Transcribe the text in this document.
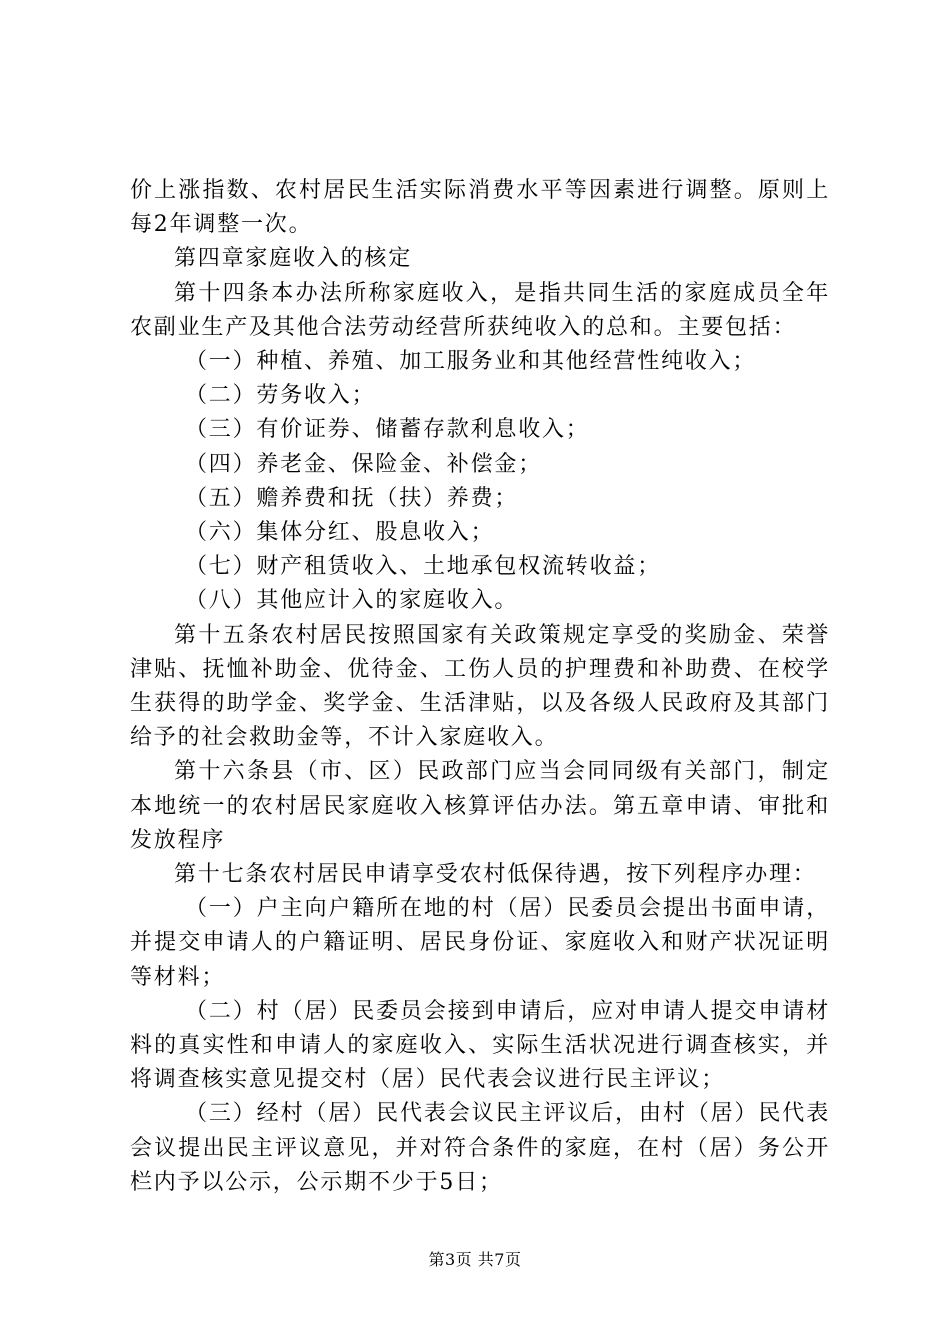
价上涨指数、农村居民生活实际消费水平等因素进行调整。原则上每2年调整一次。

第四章家庭收入的核定

第十四条本办法所称家庭收入，是指共同生活的家庭成员全年农副业生产及其他合法劳动经营所获纯收入的总和。主要包括：

（一）种植、养殖、加工服务业和其他经营性纯收入；

（二）劳务收入；

（三）有价证券、储蓄存款利息收入；

（四）养老金、保险金、补偿金；

（五）赡养费和抚（扶）养费；

（六）集体分红、股息收入；

（七）财产租赁收入、土地承包权流转收益；

（八）其他应计入的家庭收入。

第十五条农村居民按照国家有关政策规定享受的奖励金、荣誉津贴、抚恤补助金、优待金、工伤人员的护理费和补助费、在校学生获得的助学金、奖学金、生活津贴，以及各级人民政府及其部门给予的社会救助金等，不计入家庭收入。

第十六条县（市、区）民政部门应当会同同级有关部门，制定本地统一的农村居民家庭收入核算评估办法。第五章申请、审批和发放程序

第十七条农村居民申请享受农村低保待遇，按下列程序办理：

（一）户主向户籍所在地的村（居）民委员会提出书面申请，并提交申请人的户籍证明、居民身份证、家庭收入和财产状况证明等材料；

（二）村（居）民委员会接到申请后，应对申请人提交申请材料的真实性和申请人的家庭收入、实际生活状况进行调查核实，并将调查核实意见提交村（居）民代表会议进行民主评议；

（三）经村（居）民代表会议民主评议后，由村（居）民代表会议提出民主评议意见，并对符合条件的家庭，在村（居）务公开栏内予以公示，公示期不少于5日；

第3页 共7页
